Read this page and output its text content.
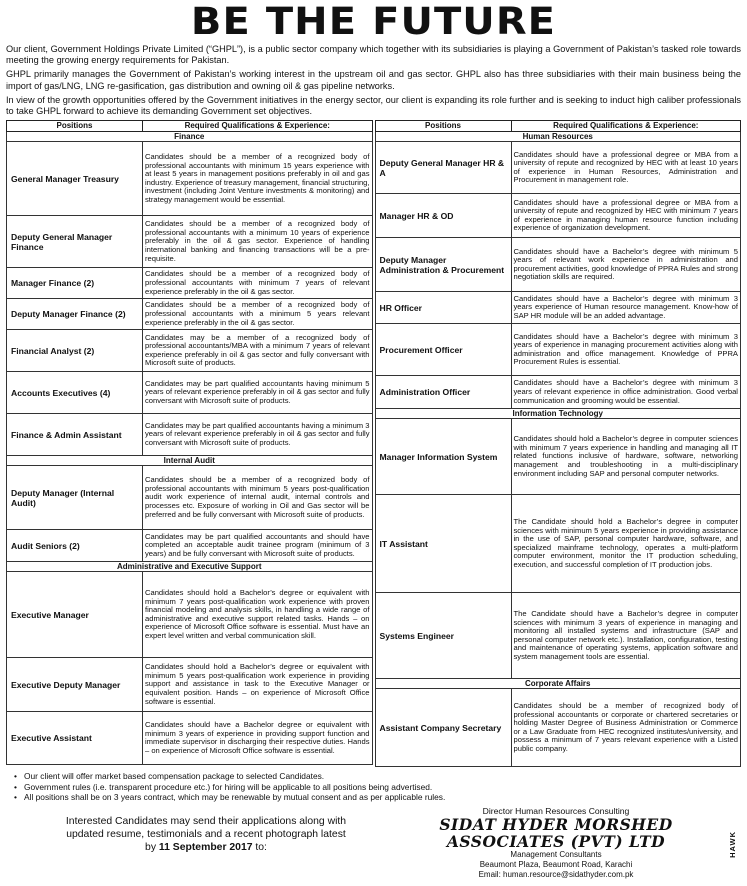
BE THE FUTURE

Our client, Government Holdings Private Limited (“GHPL”), is a public sector company which together with its subsidiaries is playing a Government of Pakistan’s tasked role towards meeting the growing energy requirements for Pakistan.

GHPL primarily manages the Government of Pakistan’s working interest in the upstream oil and gas sector. GHPL also has three subsidiaries with their main business being the import of gas/LNG, LNG re-gasification, gas distribution and owning oil & gas pipeline networks.

In view of the growth opportunities offered by the Government initiatives in the energy sector, our client is expanding its role further and is seeking to induct high caliber professionals to take GHPL forward to achieve its demanding Government set objectives.

Positions	Required Qualifications & Experience:
Finance	
General Manager Treasury	Candidates should be a member of a recognized body of professional accountants with minimum 15 years experience with at least 5 years in management positions preferably in oil and gas industry. Experience of treasury management, financial structuring, investment (including Joint Venture investments & monitoring) and strategy management would be essential.
Deputy General Manager Finance	Candidates should be a member of a recognized body of professional accountants with a minimum 10 years of experience preferably in the oil & gas sector. Experience of handling international banking and financing transactions will be a pre-requisite.
Manager Finance (2)	Candidates should be a member of a recognized body of professional accountants with minimum 7 years of relevant experience preferably in the oil & gas sector.
Deputy Manager Finance (2)	Candidates should be a member of a recognized body of professional accountants with a minimum 5 years relevant experience preferably in the oil & gas sector.
Financial Analyst (2)	Candidates may be a member of a recognized body of professional accountants/MBA with a minimum 7 years of relevant experience preferably in oil & gas sector and fully conversant with Microsoft suite of products.
Accounts Executives (4)	Candidates may be part qualified accountants having minimum 5 years of relevant experience preferably in oil & gas sector and fully conversant with Microsoft suite of products.
Finance & Admin Assistant	Candidates may be part qualified accountants having a minimum 3 years of relevant experience preferably in oil & gas sector and fully conversant with Microsoft suite of products.
Internal Audit	
Deputy Manager (Internal Audit)	Candidates should be a member of a recognized body of professional accountants with minimum 5 years post-qualification audit work experience of internal audit, internal controls and processes etc. Exposure of working in Oil and Gas sector will be preferred and be fully conversant with Microsoft suite of products.
Audit Seniors (2)	Candidates may be part qualified accountants and should have completed an acceptable audit trainee program (minimum of 3 years) and be fully conversant with Microsoft suite of products.
Administrative and Executive Support	
Executive Manager	Candidates should hold a Bachelor’s degree or equivalent with minimum 7 years post-qualification work experience with proven financial modeling and analysis skills, in handling a wide range of administrative and executive support related tasks. Hands – on experience of Microsoft Office software is essential. Must have an expert level written and verbal communication skill.
Executive Deputy Manager	Candidates should hold a Bachelor’s degree or equivalent with minimum 5 years post-qualification work experience in providing support and assistance in task to the Executive Manager or equivalent position. Hands – on experience of Microsoft Office software is essential.
Executive Assistant	Candidates should have a Bachelor degree or equivalent with minimum 3 years of experience in providing support function and immediate supervisor in discharging their respective duties. Hands – on experience of Microsoft Office software is essential.
Positions	Required Qualifications & Experience:
Human Resources	
Deputy General Manager HR & A	Candidates should have a professional degree or MBA from a university of repute and recognized by HEC with at least 10 years of experience in Human Resources, Administration and Procurement in management role.
Manager HR & OD	Candidates should have a professional degree or MBA from a university of repute and recognized by HEC with minimum 7 years of experience in managing human resource function including experience of organization development.
Deputy Manager Administration & Procurement	Candidates should have a Bachelor’s degree with minimum 5 years of relevant work experience in administration and procurement activities, good knowledge of PPRA Rules and strong negotiation skills are required.
HR Officer	Candidates should have a Bachelor’s degree with minimum 3 years experience of Human resource management. Know-how of SAP HR module will be an added advantage.
Procurement Officer	Candidates should have a Bachelor’s degree with minimum 3 years of experience in managing procurement activities along with administration and office management. Knowledge of PPRA Procurement Rules is essential.
Administration Officer	Candidates should have a Bachelor’s degree with minimum 3 years of relevant experience in office administration. Good verbal communication and grooming would be essential.
Information Technology	
Manager Information System	Candidates should hold a Bachelor’s degree in computer sciences with minimum 7 years experience in handling and managing all IT related functions inclusive of hardware, software, networking management and troubleshooting in a multi-disciplinary environment including SAP and personal computer networks.
IT Assistant	The Candidate should hold a Bachelor’s degree in computer sciences with minimum 5 years experience in providing assistance in the use of SAP, personal computer hardware, software, and specialized mainframe technology, operates a multi-platform computer environment, monitor the IT production scheduling, execution, and successful completion of IT production jobs.
Systems Engineer	The Candidate should have a Bachelor’s degree in computer sciences with minimum 3 years of experience in managing and monitoring all installed systems and infrastructure (SAP and personal computer network etc.). Installation, configuration, testing and maintenance of operating systems, application software and system management tools are essential.
Corporate Affairs	
Assistant Company Secretary	Candidates should be a member of recognized body of professional accountants or corporate or chartered secretaries or holding Master Degree of Business Administration or Commerce or a Law Graduate from HEC recognized institutes/university, and possess a minimum of 7 years relevant experience with a Listed public company.
• Our client will offer market based compensation package to selected Candidates.
• Government rules (i.e. transparent procedure etc.) for hiring will be applicable to all positions being advertised.
• All positions shall be on 3 years contract, which may be renewable by mutual consent and as per applicable rules.
Interested Candidates may send their applications along with
updated resume, testimonials and a recent photograph latest
by 11 September 2017 to:
Director Human Resources Consulting
SIDAT HYDER MORSHED
ASSOCIATES (PVT) LTD
Management Consultants
Beaumont Plaza, Beaumont Road, Karachi
Email: human.resource@sidathyder.com.pk
HAWK
